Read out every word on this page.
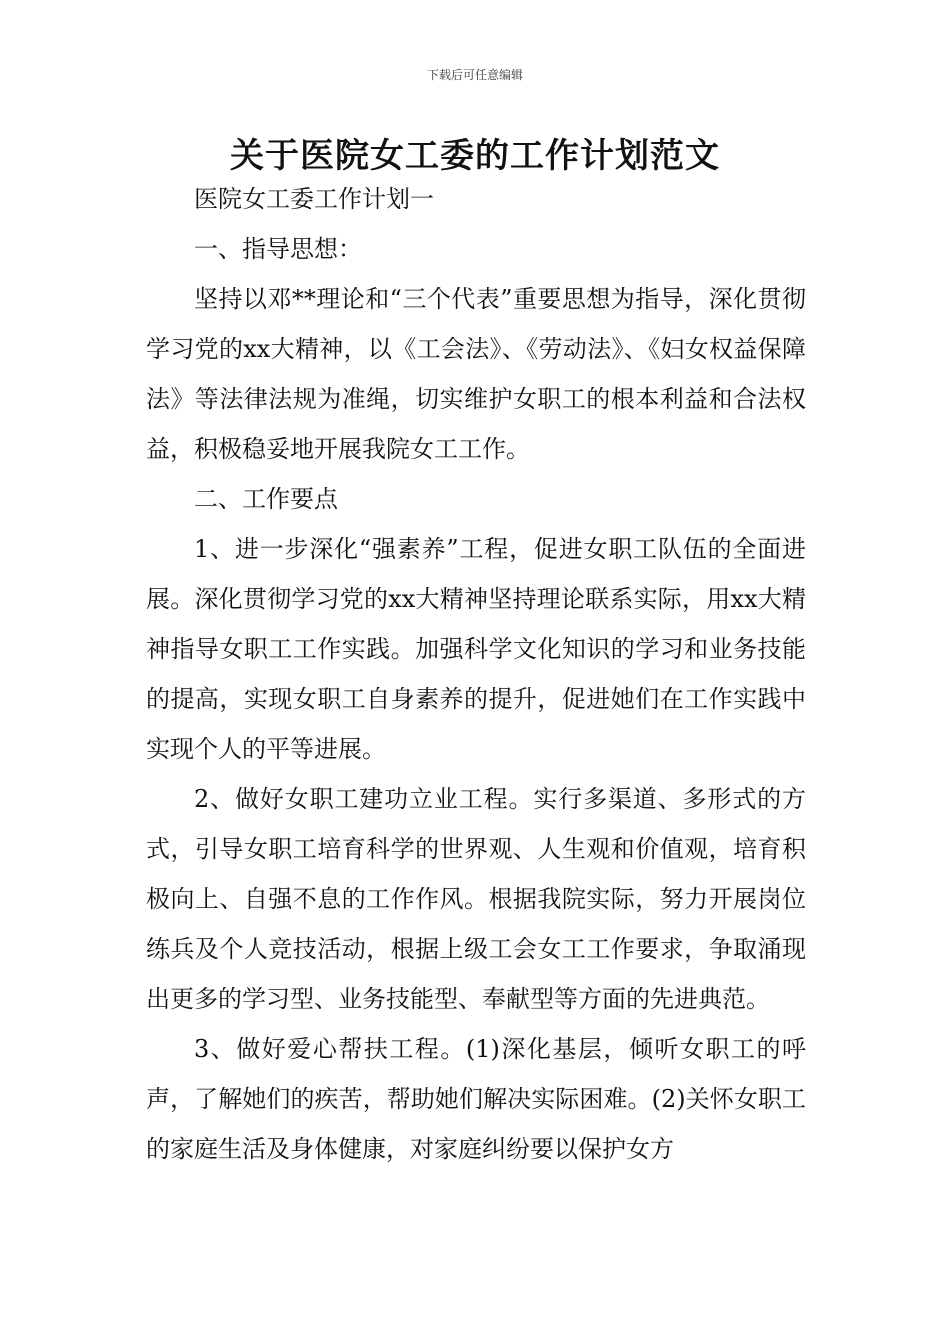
下载后可任意编辑
关于医院女工委的工作计划范文

医院女工委工作计划一

一、指导思想：

坚持以邓**理论和“三个代表”重要思想为指导，深化贯彻学习党的xx大精神，以《工会法》、《劳动法》、《妇女权益保障法》等法律法规为准绳，切实维护女职工的根本利益和合法权益，积极稳妥地开展我院女工工作。

二、工作要点

1、进一步深化“强素养”工程，促进女职工队伍的全面进展。深化贯彻学习党的xx大精神坚持理论联系实际，用xx大精神指导女职工工作实践。加强科学文化知识的学习和业务技能的提高，实现女职工自身素养的提升，促进她们在工作实践中实现个人的平等进展。

2、做好女职工建功立业工程。实行多渠道、多形式的方式，引导女职工培育科学的世界观、人生观和价值观，培育积极向上、自强不息的工作作风。根据我院实际，努力开展岗位练兵及个人竞技活动，根据上级工会女工工作要求，争取涌现出更多的学习型、业务技能型、奉献型等方面的先进典范。

3、做好爱心帮扶工程。(1)深化基层，倾听女职工的呼声，了解她们的疾苦，帮助她们解决实际困难。(2)关怀女职工的家庭生活及身体健康，对家庭纠纷要以保护女方
